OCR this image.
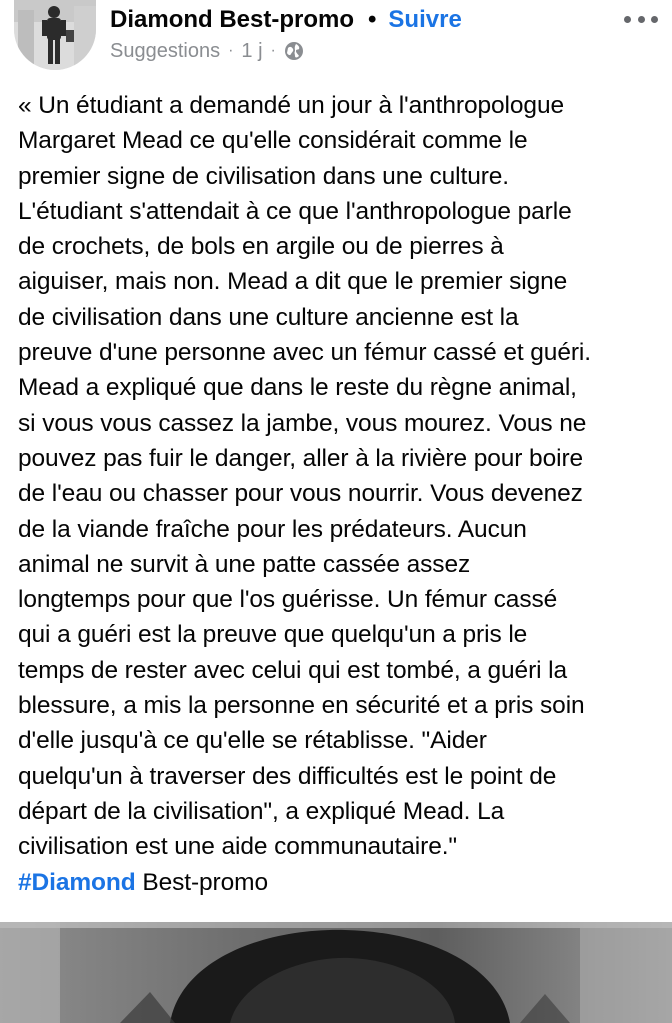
Diamond Best-promo • Suivre
Suggestions · 1 j ·
« Un étudiant a demandé un jour à l'anthropologue
Margaret Mead ce qu'elle considérait comme le
premier signe de civilisation dans une culture.
L'étudiant s'attendait à ce que l'anthropologue parle
de crochets, de bols en argile ou de pierres à
aiguiser, mais non. Mead a dit que le premier signe
de civilisation dans une culture ancienne est la
preuve d'une personne avec un fémur cassé et guéri.
Mead a expliqué que dans le reste du règne animal,
si vous vous cassez la jambe, vous mourez. Vous ne
pouvez pas fuir le danger, aller à la rivière pour boire
de l'eau ou chasser pour vous nourrir. Vous devenez
de la viande fraîche pour les prédateurs. Aucun
animal ne survit à une patte cassée assez
longtemps pour que l'os guérisse. Un fémur cassé
qui a guéri est la preuve que quelqu'un a pris le
temps de rester avec celui qui est tombé, a guéri la
blessure, a mis la personne en sécurité et a pris soin
d'elle jusqu'à ce qu'elle se rétablisse. "Aider
quelqu'un à traverser des difficultés est le point de
départ de la civilisation", a expliqué Mead. La
civilisation est une aide communautaire."
#Diamond Best-promo
